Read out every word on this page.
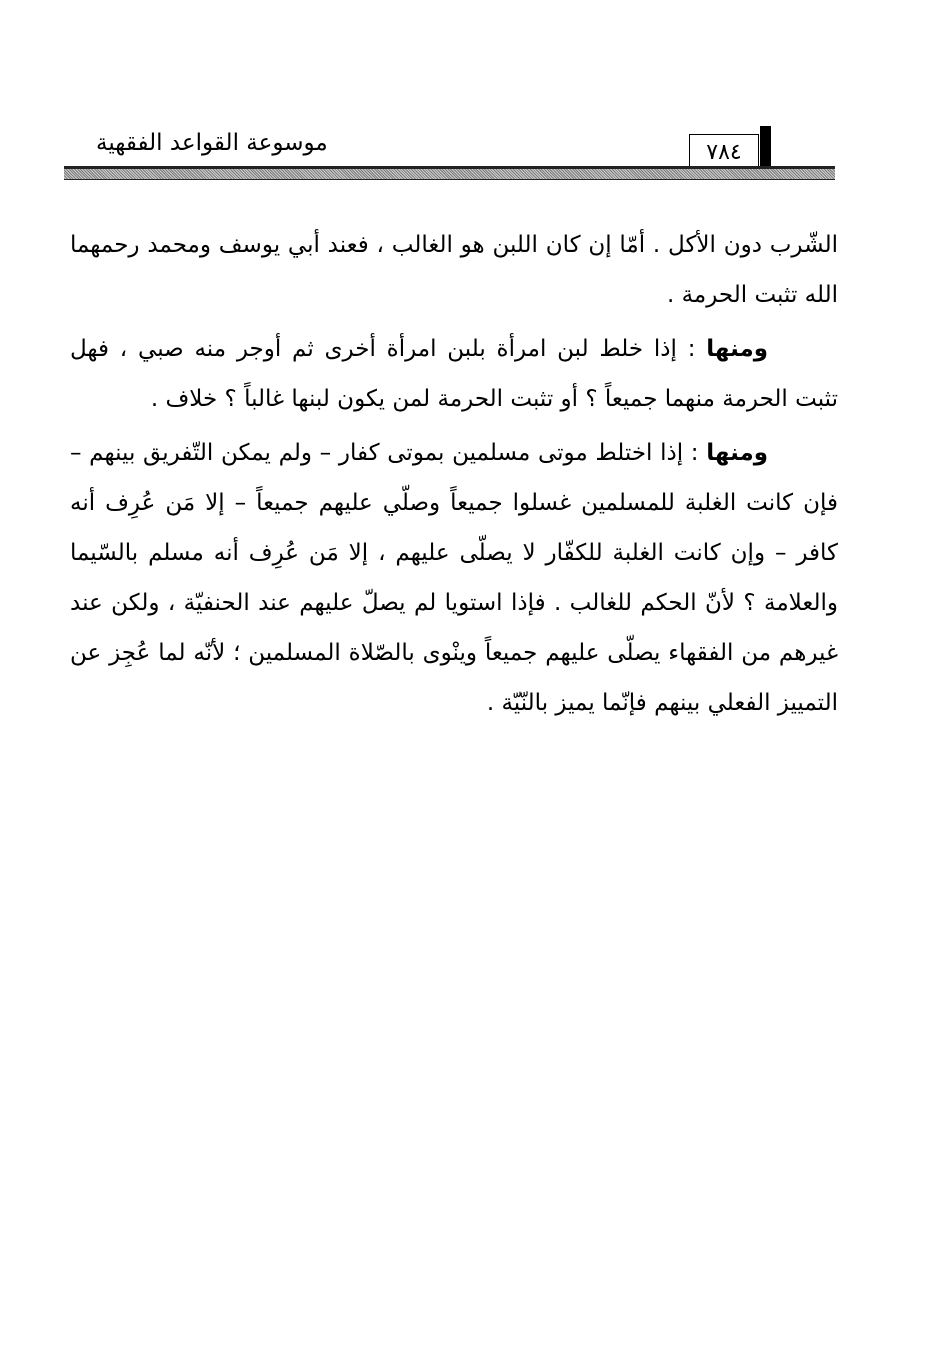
٧٨٤
موسوعة القواعد الفقهية

الشّرب دون الأكل . أمّا إن كان اللبن هو الغالب ، فعند أبي يوسف ومحمد رحمهما الله تثبت الحرمة .

ومنها : إذا خلط لبن امرأة بلبن امرأة أخرى ثم أوجر منه صبي ، فهل تثبت الحرمة منهما جميعاً ؟ أو تثبت الحرمة لمن يكون لبنها غالباً ؟ خلاف .

ومنها : إذا اختلط موتى مسلمين بموتى كفار – ولم يمكن التّفريق بينهم – فإن كانت الغلبة للمسلمين غسلوا جميعاً وصلّي عليهم جميعاً – إلا مَن عُرِف أنه كافر – وإن كانت الغلبة للكفّار لا يصلّى عليهم ، إلا مَن عُرِف أنه مسلم بالسّيما والعلامة ؟ لأنّ الحكم للغالب . فإذا استويا لم يصلّ عليهم عند الحنفيّة ، ولكن عند غيرهم من الفقهاء يصلّى عليهم جميعاً وينْوى بالصّلاة المسلمين ؛ لأنّه لما عُجِز عن التمييز الفعلي بينهم فإنّما يميز بالنّيّة .
